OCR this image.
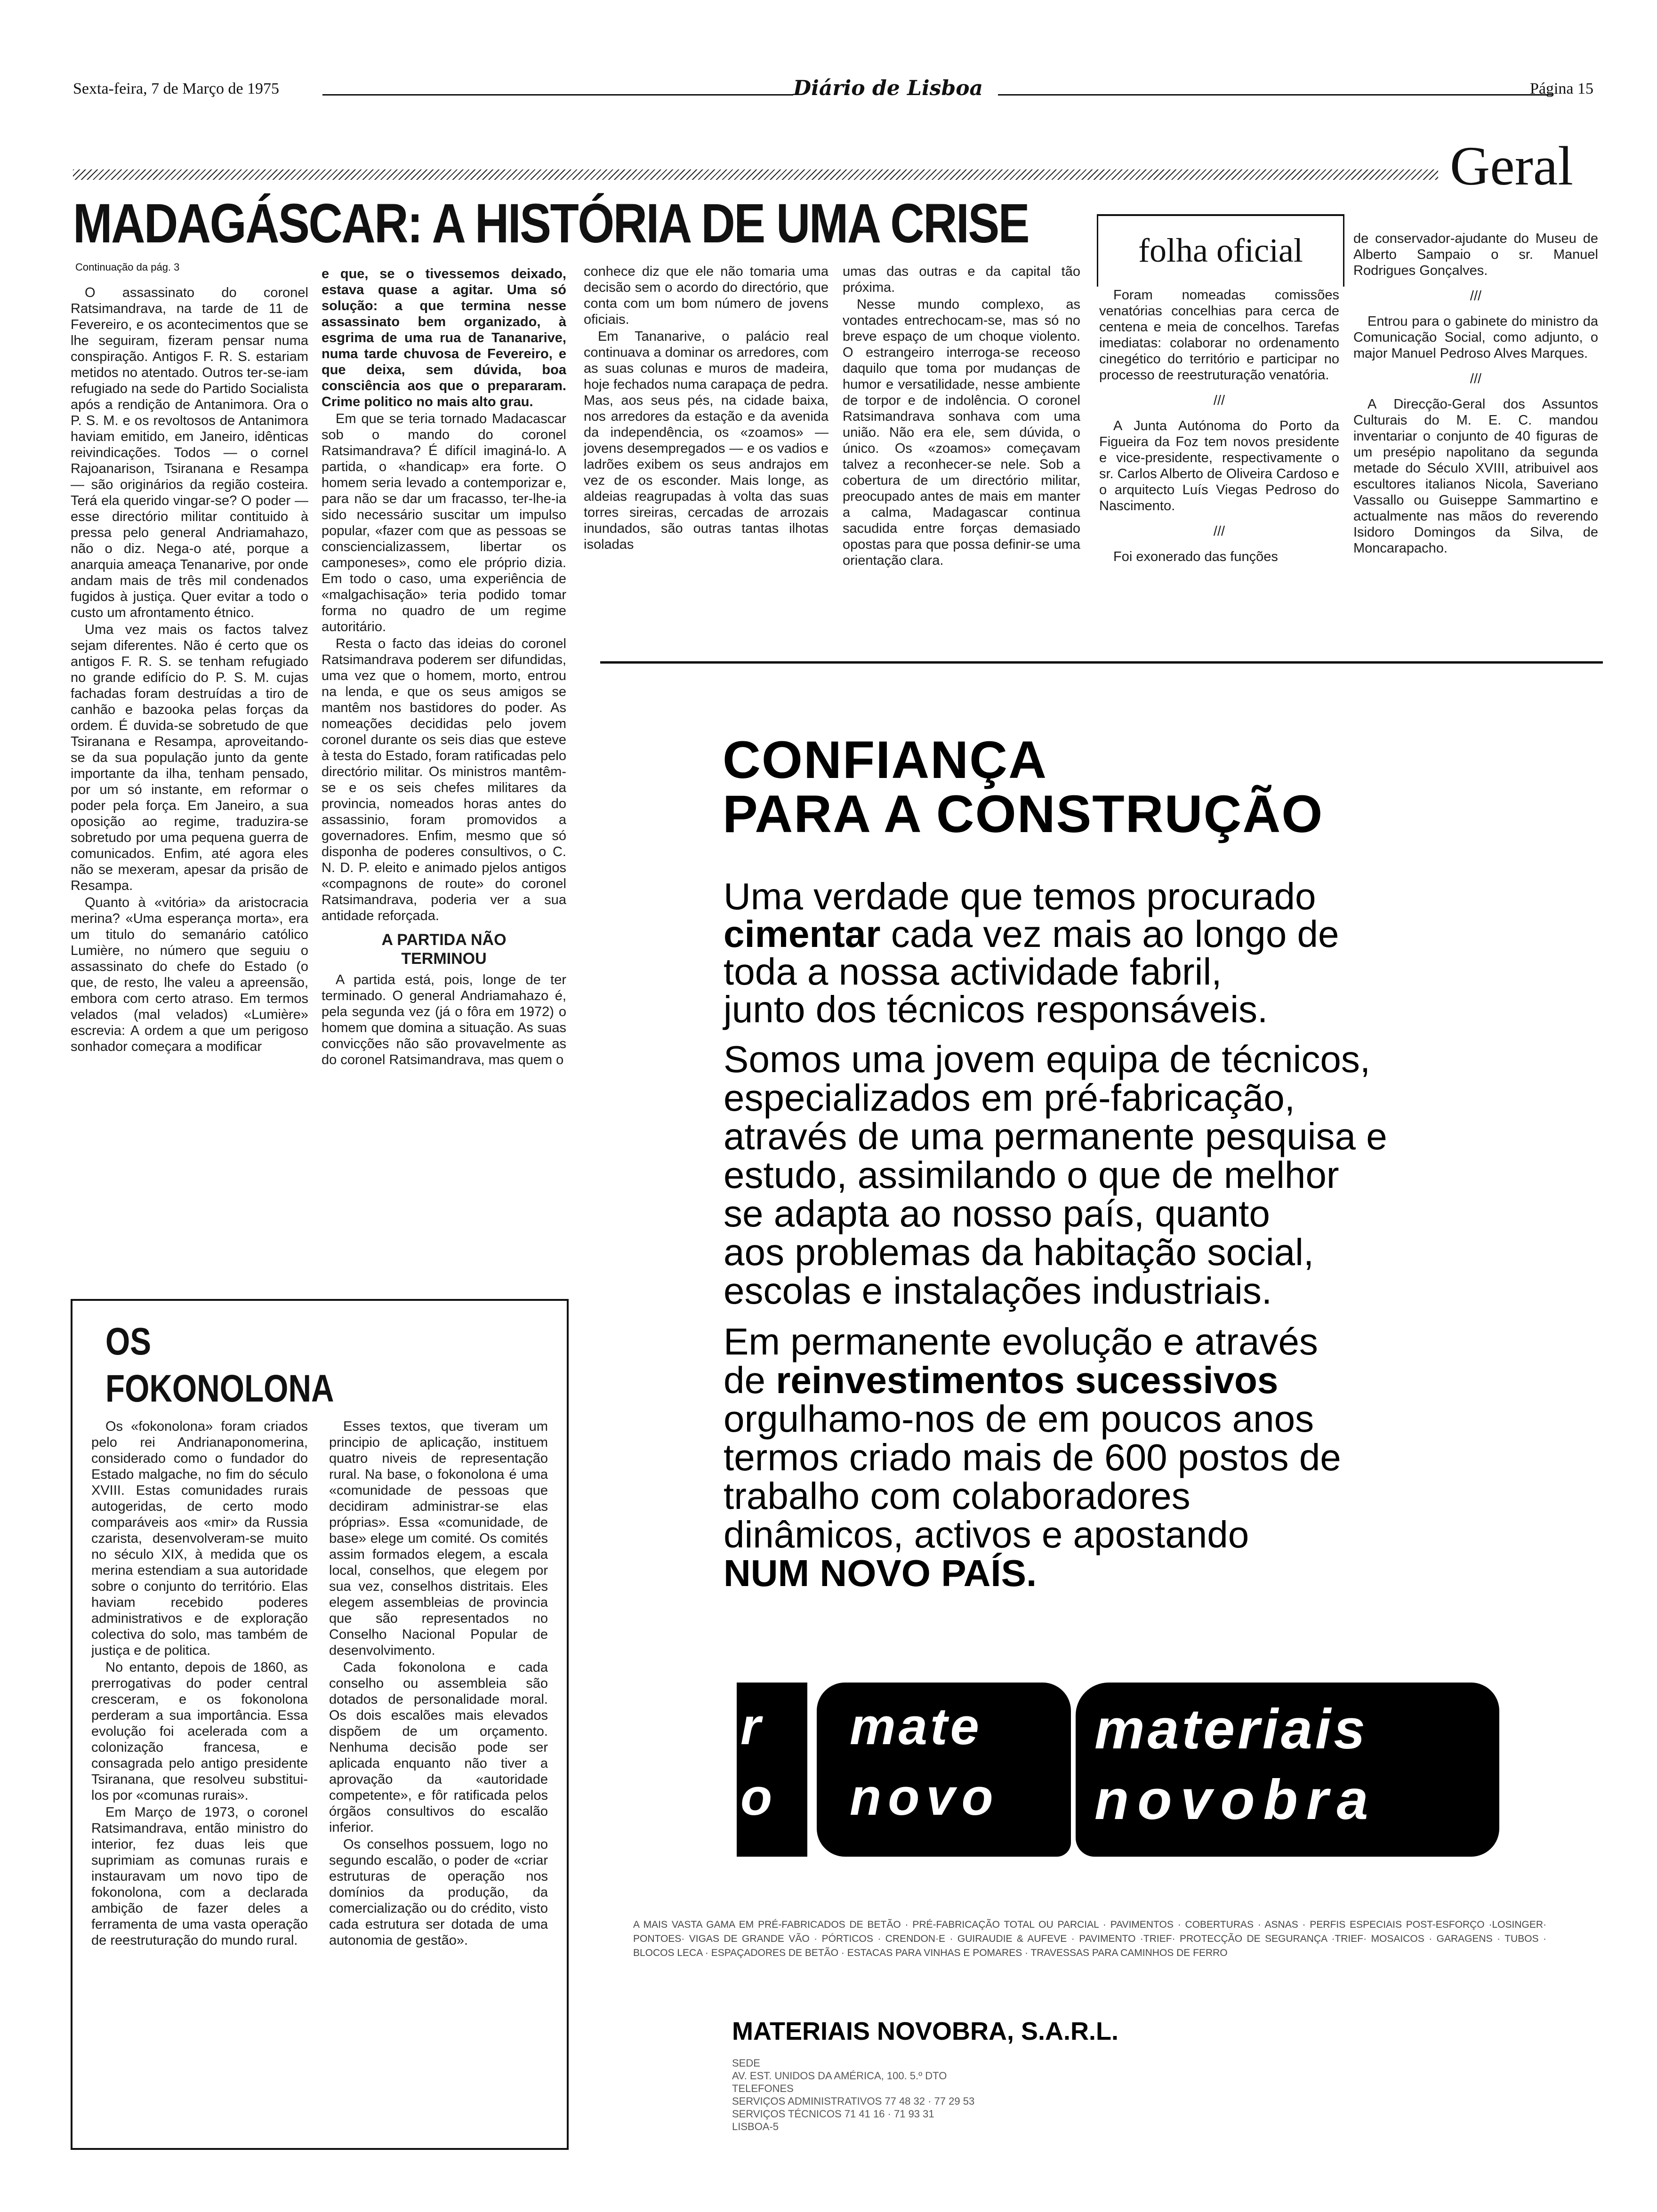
Sexta-feira, 7 de Março de 1975	Diário de Lisboa	Página 15
Geral
MADAGÁSCAR: A HISTÓRIA DE UMA CRISE
Continuação da pág. 3

O assassinato do coronel Ratsimandrava, na tarde de 11 de Fevereiro, e os acontecimentos que se lhe seguiram, fizeram pensar numa conspiração. Antigos F. R. S. estariam metidos no atentado. Outros ter-se-iam refugiado na sede do Partido Socialista após a rendição de Antanimora. Ora o P. S. M. e os revoltosos de Antanimora haviam emitido, em Janeiro, idênticas reivindicações. Todos — o cornel Rajoanarison, Tsiranana e Resampa — são originários da região costeira. Terá ela querido vingar-se? O poder — esse directório militar contituido à pressa pelo general Andriamahazo, não o diz. Nega-o até, porque a anarquia ameaça Tenanarive, por onde andam mais de três mil condenados fugidos à justiça. Quer evitar a todo o custo um afrontamento étnico.

Uma vez mais os factos talvez sejam diferentes. Não é certo que os antigos F. R. S. se tenham refugiado no grande edifício do P. S. M. cujas fachadas foram destruídas a tiro de canhão e bazooka pelas forças da ordem. É duvida-se sobretudo de que Tsiranana e Resampa, aproveitando-se da sua população junto da gente importante da ilha, tenham pensado, por um só instante, em reformar o poder pela força. Em Janeiro, a sua oposição ao regime, traduzira-se sobretudo por uma pequena guerra de comunicados. Enfim, até agora eles não se mexeram, apesar da prisão de Resampa.

Quanto à «vitória» da aristocracia merina? «Uma esperança morta», era um titulo do semanário católico Lumière, no número que seguiu o assassinato do chefe do Estado (o que, de resto, lhe valeu a apreensão, embora com certo atraso. Em termos velados (mal velados) «Lumière» escrevia: A ordem a que um perigoso sonhador começara a modificar

e que, se o tivessemos deixado, estava quase a agitar. Uma só solução: a que termina nesse assassinato bem organizado, à esgrima de uma rua de Tananarive, numa tarde chuvosa de Fevereiro, e que deixa, sem dúvida, boa consciência aos que o prepararam. Crime politico no mais alto grau.

Em que se teria tornado Madacascar sob o mando do coronel Ratsimandrava? É difícil imaginá-lo. A partida, o «handicap» era forte. O homem seria levado a contemporizar e, para não se dar um fracasso, ter-lhe-ia sido necessário suscitar um impulso popular, «fazer com que as pessoas se consciencializassem, libertar os camponeses», como ele próprio dizia. Em todo o caso, uma experiência de «malgachisação» teria podido tomar forma no quadro de um regime autoritário.

Resta o facto das ideias do coronel Ratsimandrava poderem ser difundidas, uma vez que o homem, morto, entrou na lenda, e que os seus amigos se mantêm nos bastidores do poder. As nomeações decididas pelo jovem coronel durante os seis dias que esteve à testa do Estado, foram ratificadas pelo directório militar. Os ministros mantêm-se e os seis chefes militares da provincia, nomeados horas antes do assassinio, foram promovidos a governadores. Enfim, mesmo que só disponha de poderes consultivos, o C. N. D. P. eleito e animado pjelos antigos «compagnons de route» do coronel Ratsimandrava, poderia ver a sua antidade reforçada.

A PARTIDA NÃO TERMINOU

A partida está, pois, longe de ter terminado. O general Andriamahazo é, pela segunda vez (já o fôra em 1972) o homem que domina a situação. As suas convicções não são provavelmente as do coronel Ratsimandrava, mas quem o

conhece diz que ele não tomaria uma decisão sem o acordo do directório, que conta com um bom número de jovens oficiais.

Em Tananarive, o palácio real continuava a dominar os arredores, com as suas colunas e muros de madeira, hoje fechados numa carapaça de pedra. Mas, aos seus pés, na cidade baixa, nos arredores da estação e da avenida da independência, os «zoamos» — jovens desempregados — e os vadios e ladrões exibem os seus andrajos em vez de os esconder. Mais longe, as aldeias reagrupadas à volta das suas torres sireiras, cercadas de arrozais inundados, são outras tantas ilhotas isoladas

umas das outras e da capital tão próxima.

Nesse mundo complexo, as vontades entrechocam-se, mas só no breve espaço de um choque violento. O estrangeiro interroga-se receoso daquilo que toma por mudanças de humor e versatilidade, nesse ambiente de torpor e de indolência. O coronel Ratsimandrava sonhava com uma união. Não era ele, sem dúvida, o único. Os «zoamos» começavam talvez a reconhecer-se nele. Sob a cobertura de um directório militar, preocupado antes de mais em manter a calma, Madagascar continua sacudida entre forças demasiado opostas para que possa definir-se uma orientação clara.

folha oficial

Foram nomeadas comissões venatórias concelhias para cerca de centena e meia de concelhos. Tarefas imediatas: colaborar no ordenamento cinegético do território e participar no processo de reestruturação venatória.

///

A Junta Autónoma do Porto da Figueira da Foz tem novos presidente e vice-presidente, respectivamente o sr. Carlos Alberto de Oliveira Cardoso e o arquitecto Luís Viegas Pedroso do Nascimento.

///

Foi exonerado das funções

de conservador-ajudante do Museu de Alberto Sampaio o sr. Manuel Rodrigues Gonçalves.

///

Entrou para o gabinete do ministro da Comunicação Social, como adjunto, o major Manuel Pedroso Alves Marques.

///

A Direcção-Geral dos Assuntos Culturais do M. E. C. mandou inventariar o conjunto de 40 figuras de um presépio napolitano da segunda metade do Século XVIII, atribuivel aos escultores italianos Nicola, Saveriano Vassallo ou Guiseppe Sammartino e actualmente nas mãos do reverendo Isidoro Domingos da Silva, de Moncarapacho.

OS
FOKONOLONA

Os «fokonolona» foram criados pelo rei Andrianaponomerina, considerado como o fundador do Estado malgache, no fim do século XVIII. Estas comunidades rurais autogeridas, de certo modo comparáveis aos «mir» da Russia czarista, desenvolveram-se muito no século XIX, à medida que os merina estendiam a sua autoridade sobre o conjunto do território. Elas haviam recebido poderes administrativos e de exploração colectiva do solo, mas também de justiça e de politica.

No entanto, depois de 1860, as prerrogativas do poder central cresceram, e os fokonolona perderam a sua importância. Essa evolução foi acelerada com a colonização francesa, e consagrada pelo antigo presidente Tsiranana, que resolveu substitui-los por «comunas rurais».

Em Março de 1973, o coronel Ratsimandrava, então ministro do interior, fez duas leis que suprimiam as comunas rurais e instauravam um novo tipo de fokonolona, com a declarada ambição de fazer deles a ferramenta de uma vasta operação de reestruturação do mundo rural.

Esses textos, que tiveram um principio de aplicação, instituem quatro niveis de representação rural. Na base, o fokonolona é uma «comunidade de pessoas que decidiram administrar-se elas próprias». Essa «comunidade, de base» elege um comité. Os comités assim formados elegem, a escala local, conselhos, que elegem por sua vez, conselhos distritais. Eles elegem assembleias de provincia que são representados no Conselho Nacional Popular de desenvolvimento.

Cada fokonolona e cada conselho ou assembleia são dotados de personalidade moral. Os dois escalões mais elevados dispõem de um orçamento. Nenhuma decisão pode ser aplicada enquanto não tiver a aprovação da «autoridade competente», e fôr ratificada pelos órgãos consultivos do escalão inferior.

Os conselhos possuem, logo no segundo escalão, o poder de «criar estruturas de operação nos domínios da produção, da comercialização ou do crédito, visto cada estrutura ser dotada de uma autonomia de gestão».

CONFIANÇA
PARA A CONSTRUÇÃO
Uma verdade que temos procurado
cimentar cada vez mais ao longo de
toda a nossa actividade fabril,
junto dos técnicos responsáveis.
Somos uma jovem equipa de técnicos,
especializados em pré-fabricação,
através de uma permanente pesquisa e
estudo, assimilando o que de melhor
se adapta ao nosso país, quanto
aos problemas da habitação social,
escolas e instalações industriais.
Em permanente evolução e através
de reinvestimentos sucessivos
orgulhamo-nos de em poucos anos
termos criado mais de 600 postos de
trabalho com colaboradores
dinâmicos, activos e apostando
NUM NOVO PAÍS.
r
o
mate
novo
materiais
novobra
A MAIS VASTA GAMA EM PRÉ-FABRICADOS DE BETÃO · PRÉ-FABRICAÇÃO TOTAL OU PARCIAL · PAVIMENTOS · COBERTURAS · ASNAS · PERFIS ESPECIAIS POST-ESFORÇO ·LOSINGER· PONTOES· VIGAS DE GRANDE VÃO · PÓRTICOS · CRENDON·E · GUIRAUDIE & AUFEVE · PAVIMENTO ·TRIEF· PROTECÇÃO DE SEGURANÇA ·TRIEF· MOSAICOS · GARAGENS · TUBOS · BLOCOS LECA · ESPAÇADORES DE BETÃO · ESTACAS PARA VINHAS E POMARES · TRAVESSAS PARA CAMINHOS DE FERRO
MATERIAIS NOVOBRA, S.A.R.L.
SEDE
AV. EST. UNIDOS DA AMÉRICA, 100. 5.º DTO
TELEFONES
SERVIÇOS ADMINISTRATIVOS 77 48 32 · 77 29 53
SERVIÇOS TÉCNICOS 71 41 16 · 71 93 31
LISBOA-5
